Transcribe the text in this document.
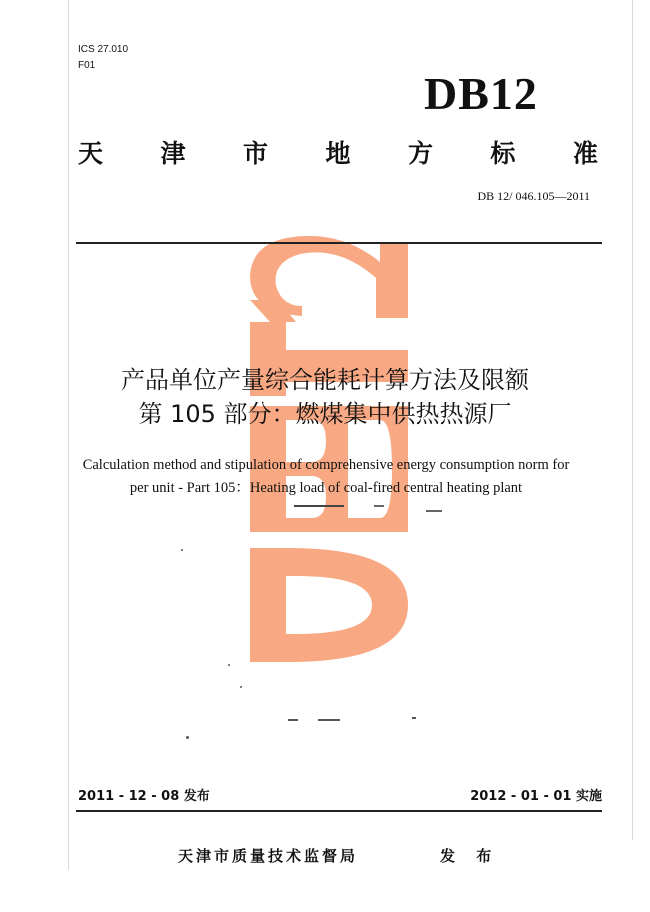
ICS 27.010
F01
DB12
天 津 市 地 方 标 准
DB 12/ 046.105—2011
产品单位产量综合能耗计算方法及限额
第 105 部分：燃煤集中供热热源厂
Calculation method and stipulation of comprehensive energy consumption norm for
per unit - Part 105：Heating load of coal-fired central heating plant
2011 - 12 - 08 发布	2012 - 01 - 01 实施
天津市质量技术监督局	发 布
